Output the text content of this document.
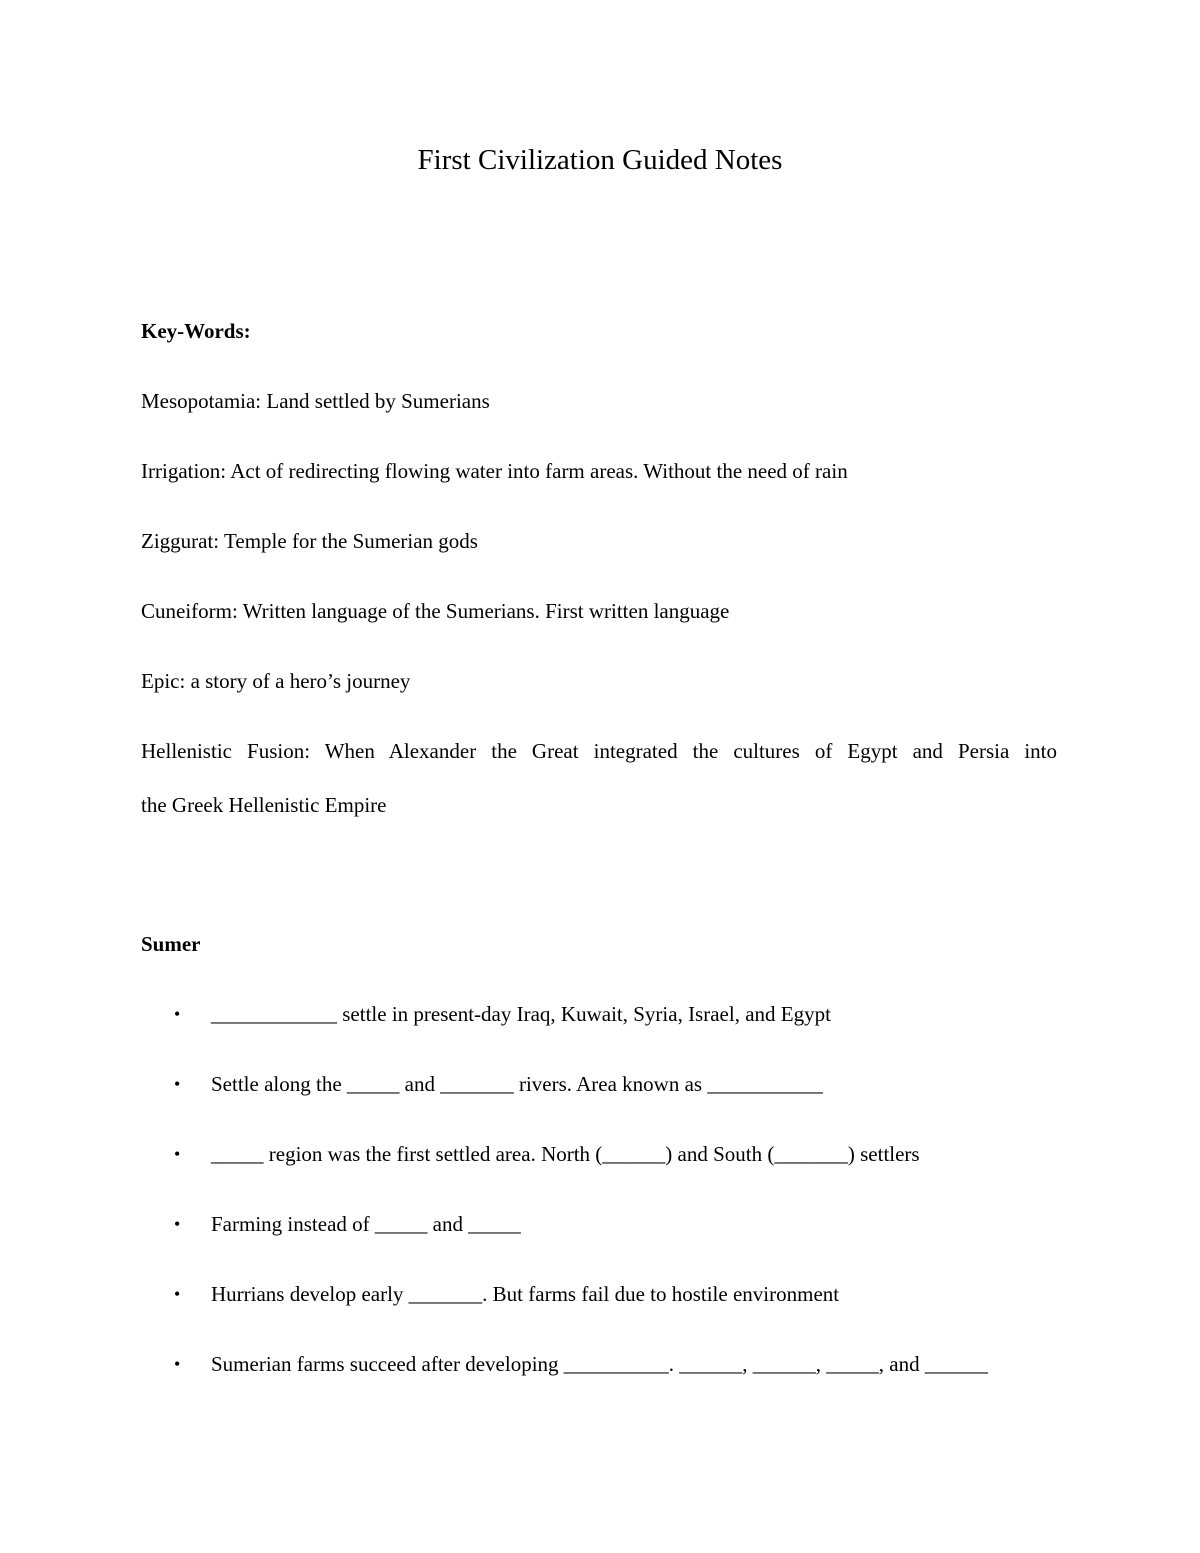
First Civilization Guided Notes

Key-Words:

Mesopotamia: Land settled by Sumerians

Irrigation: Act of redirecting flowing water into farm areas. Without the need of rain

Ziggurat: Temple for the Sumerian gods

Cuneiform: Written language of the Sumerians. First written language

Epic: a story of a hero’s journey

Hellenistic Fusion: When Alexander the Great integrated the cultures of Egypt and Persia into

the Greek Hellenistic Empire

Sumer

• ____________ settle in present-day Iraq, Kuwait, Syria, Israel, and Egypt
• Settle along the _____ and _______ rivers. Area known as ___________
• _____ region was the first settled area. North (______) and South (_______) settlers
• Farming instead of _____ and _____
• Hurrians develop early _______. But farms fail due to hostile environment
• Sumerian farms succeed after developing __________. ______, ______, _____, and ______
